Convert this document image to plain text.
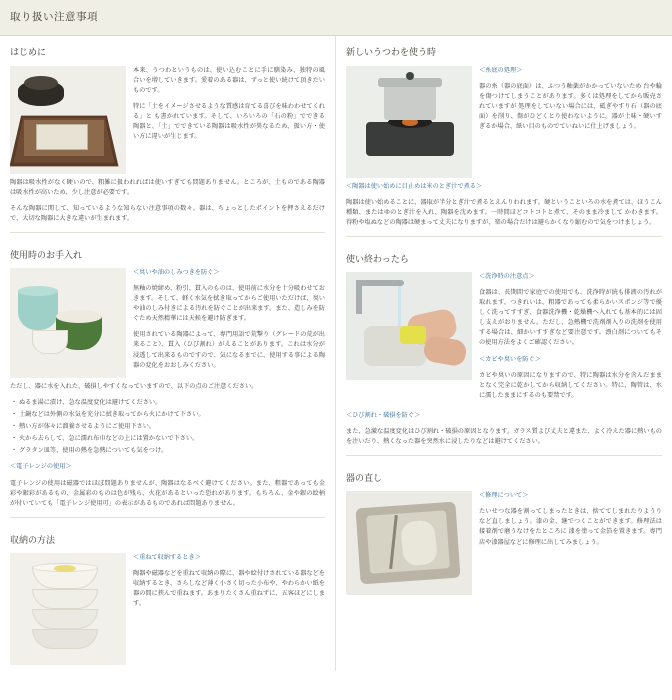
取り扱い注意事項
はじめに

本来、うつわというものは、使い込むことに手に馴染み、独特の風合いを増していきます。愛着のある器は、ずっと使い続けて頂きたいものです。

特に「土をイメージさせるような質感は育てる喜びを味わわせてくれる」と も書かれています。そして、いろいろの「石の粉」でできる陶器と、「土」でできている陶器は吸水性が異なるため、扱い方・使い方に違いが生じます。

陶器は吸水性がなく硬いので、粗雑に扱われればは使いすぎても問題ありません。ところが、土ものである陶器は吸水性が高いため、少し注意が必要です。

そんな陶器に関して、知っているような知らない注意事項の数々。器は、ちょっとしたポイントを押さえるだけで、大切な陶器に大きな違いが生まれます。

使用時のお手入れ

＜臭いや油のしみつきを防ぐ＞

無釉の焼締め、粉引、貫入のものは、使用前に水分を十分吸わせておきます。そして、軽く水気を拭き取ってからご使用いただけば、臭いや油のしみ付きによる汚れを防ぐことが出来ます。また、造しみを防ぐため天然精華には天候を避け防ぎます。

使用されている陶器によって、専門用語で荒撃り（グレードの荒が出来ること）、貫入（ひび割れ）がえることがあります。これは水分が浸透して出来るものですので、気になるまでに、使用する事による陶器の変化をおおしみください。

ただし、器に水を入れた、破損しやすくなっていますので、以下の点のご注意ください。

・ ぬるま湯に漬け、急な温度変化は避けてください。
・ 土鍋などは外側の水気を充分に拭き取ってから火にかけて下さい。
・ 熱い方が体々に溜養させるようにご使用下さい。
・ 火から去らして、急に濡れ布巾などの上には置かないで下さい。
・ グラタン皿等、使用の熱を急熱についても気をつけ。

＜電子レンジの使用＞

電子レンジの使用は磁器ではほぼ問題ありませんが、陶器はなるべく避けてください。また、粗器であっても金彩や銀彩があるもの、金属彩のものは色が残ら、火花があるといった恐れがあります。もちろん、金や銀の絵柄が付いていても「電子レンジ使用可」の表示があるものであれば問題ありません。

収納の方法

＜重ねて収納するとき＞

陶器や磁器などを重ねて収納の際に、器や絵付けされている器などを収納するとき、さらしなど薄く小さく切った小布や、やわらかい紙を器の間に挟んで重ねます。あまりたくさん重ねずに、五客ほどにします。

新しいうつわを使う時

＜糸底の処理＞

器の糸（器の底面）は、ふつう釉薬がかかっていないため 台や輪を傷つけてしまうことがあります。多くは処理をしてから販売されていますが 処理をしていない場合には、砥ぎやすり石（器の底面）を削り、傷がひどくとり使わないように。器が土味・硬いすぎるか場合、紙い目のものでていねいに仕上げましょう。

＜陶器は使い始めに目止めは米のとぎ汁で煮る＞

陶器は使い始めることに、器取が半分とぎ汁で煮るとえんりわれます。硬ということいろの水を煮ては、ほうこん種類、またはゆのとぎ汁を入れ、陶器を沈めます。一時間ほどコトコトと煮て、そのまま冷まして かわきます。得粉や塩ぬなどの陶器は硬まって丈夫になりますが、楽の場合だけは避らかくなり縮むので気をつけましょう。

使い終わったら

＜洗浄時の注意点＞

食器は、長期間で家庭での使用でも、洗浄時が続も排液の汚れが取れます。つきれいは、粗器であっても柔らかいスポンジ等で優しく洗ってすすぎ、食器洗浄機・乾燥機へ入れても基本的には固し支えがおりません。ただし、急熱機で洗剤剤入りの洗剤を使用する場合は、細かいすすぎなど要注意です。漂白剤についてもその使用方法をよくご確認ください。

＜カビや臭いを防ぐ＞

カビや臭いの原因になりますので、特に陶器は水分を含んだままとなく完全に乾かしてから収納してください。特に、陶管は、水に濡したままにするのも要禁です。

＜ひび割れ・破損を防ぐ＞

また、急激な温度変化はひび割れ・破損の原因となります。ガラス質よび丈夫と違また、よく冷えた器に熱いものを注いだり、熱くなった器を突然水に浸したりなどは避けてください。

器の直し

＜修理について＞

たいせつな器を割ってしまったときは、捨ててしまれたりようりなど直しましょう。漆の金、継でつくことができます。修理法は接着剤で磨うなけをたところに 漆を塗って金箔を置きます。専門店や漆器屋などに修理に出してみましょう。
